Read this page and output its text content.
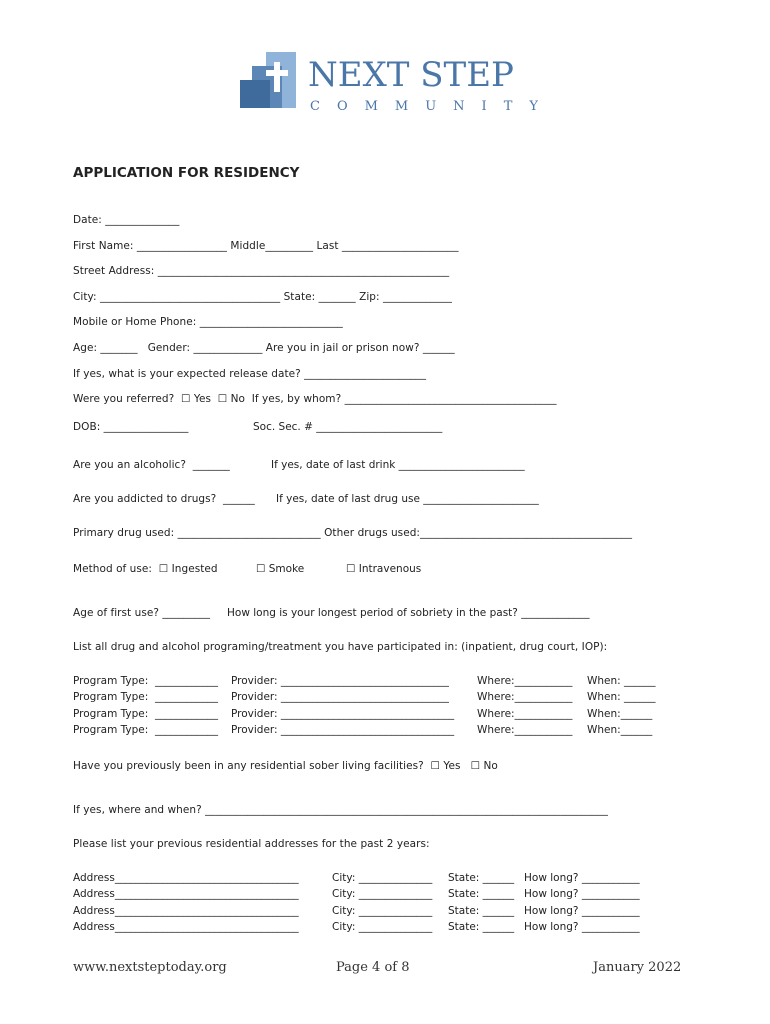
NEXT STEP
COMMUNITY
APPLICATION FOR RESIDENCY
Date: ______________
First Name: _________________ Middle_________ Last ______________________
Street Address: _______________________________________________________
City: __________________________________ State: _______ Zip: _____________
Mobile or Home Phone: ___________________________
Age: _______   Gender: _____________ Are you in jail or prison now? ______
If yes, what is your expected release date? _______________________
Were you referred?  ☐ Yes  ☐ No  If yes, by whom? ________________________________________
DOB: ________________	Soc. Sec. # ________________________
Are you an alcoholic?  _______	If yes, date of last drink ________________________
Are you addicted to drugs?  ______ If yes, date of last drug use ______________________
Primary drug used: ___________________________ Other drugs used:________________________________________
Method of use:  ☐ Ingested	☐ Smoke	☐ Intravenous
Age of first use? _________ How long is your longest period of sobriety in the past? _____________
List all drug and alcohol programing/treatment you have participated in: (inpatient, drug court, IOP):
Program Type:  ____________ Provider: ________________________________	Where:___________ When: ______
Program Type:  ____________ Provider: ________________________________	Where:___________ When: ______
Program Type:  ____________ Provider: _________________________________ Where:___________ When:______
Program Type:  ____________ Provider: _________________________________ Where:___________ When:______
Have you previously been in any residential sober living facilities?  ☐ Yes   ☐ No
If yes, where and when? ____________________________________________________________________________
Please list your previous residential addresses for the past 2 years:
Address___________________________________	City: ______________ State: ______ How long? ___________
Address___________________________________	City: ______________ State: ______ How long? ___________
Address___________________________________	City: ______________ State: ______ How long? ___________
Address___________________________________	City: ______________ State: ______ How long? ___________
www.nextsteptoday.org	Page 4 of 8	January 2022
